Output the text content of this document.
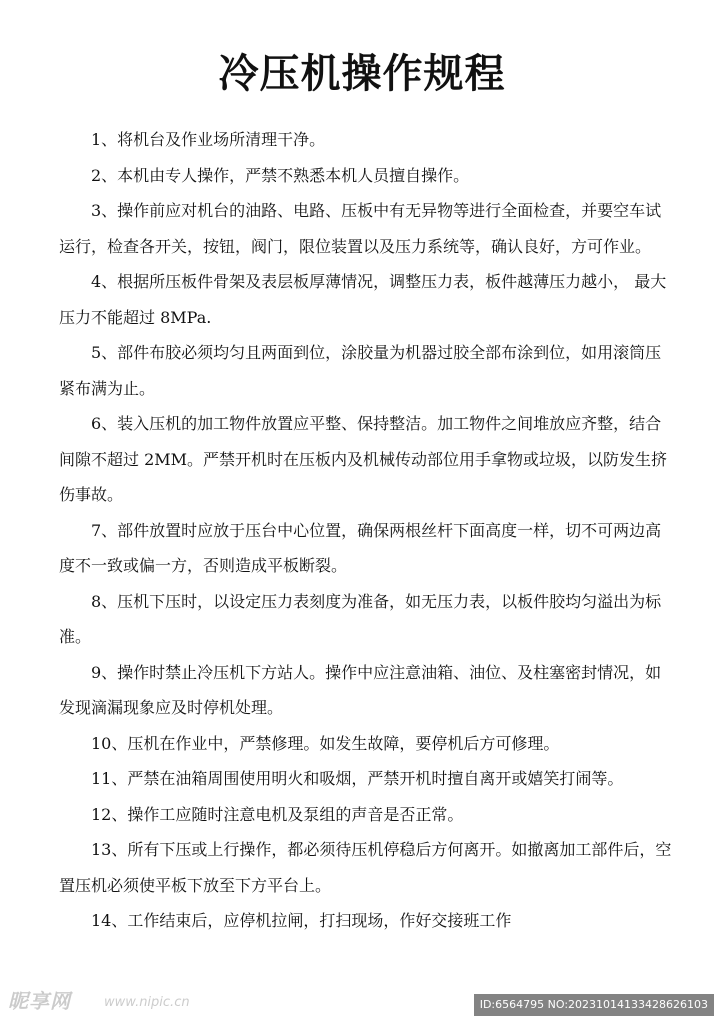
冷压机操作规程

1、将机台及作业场所清理干净。

2、本机由专人操作，严禁不熟悉本机人员擅自操作。

3、操作前应对机台的油路、电路、压板中有无异物等进行全面检查，并要空车试运行，检查各开关，按钮，阀门，限位装置以及压力系统等，确认良好，方可作业。

4、根据所压板件骨架及表层板厚薄情况，调整压力表，板件越薄压力越小， 最大压力不能超过 8MPa.

5、部件布胶必须均匀且两面到位，涂胶量为机器过胶全部布涂到位，如用滚筒压紧布满为止。

6、装入压机的加工物件放置应平整、保持整洁。加工物件之间堆放应齐整，结合间隙不超过 2MM。严禁开机时在压板内及机械传动部位用手拿物或垃圾，以防发生挤伤事故。

7、部件放置时应放于压台中心位置，确保两根丝杆下面高度一样，切不可两边高度不一致或偏一方，否则造成平板断裂。

8、压机下压时，以设定压力表刻度为准备，如无压力表，以板件胶均匀溢出为标准。

9、操作时禁止冷压机下方站人。操作中应注意油箱、油位、及柱塞密封情况，如发现滴漏现象应及时停机处理。

10、压机在作业中，严禁修理。如发生故障，要停机后方可修理。

11、严禁在油箱周围使用明火和吸烟，严禁开机时擅自离开或嬉笑打闹等。

12、操作工应随时注意电机及泵组的声音是否正常。

13、所有下压或上行操作，都必须待压机停稳后方何离开。如撤离加工部件后，空置压机必须使平板下放至下方平台上。

14、工作结束后，应停机拉闸，打扫现场，作好交接班工作

昵享网	www.nipic.cn	ID:6564795 NO:20231014133428626103
